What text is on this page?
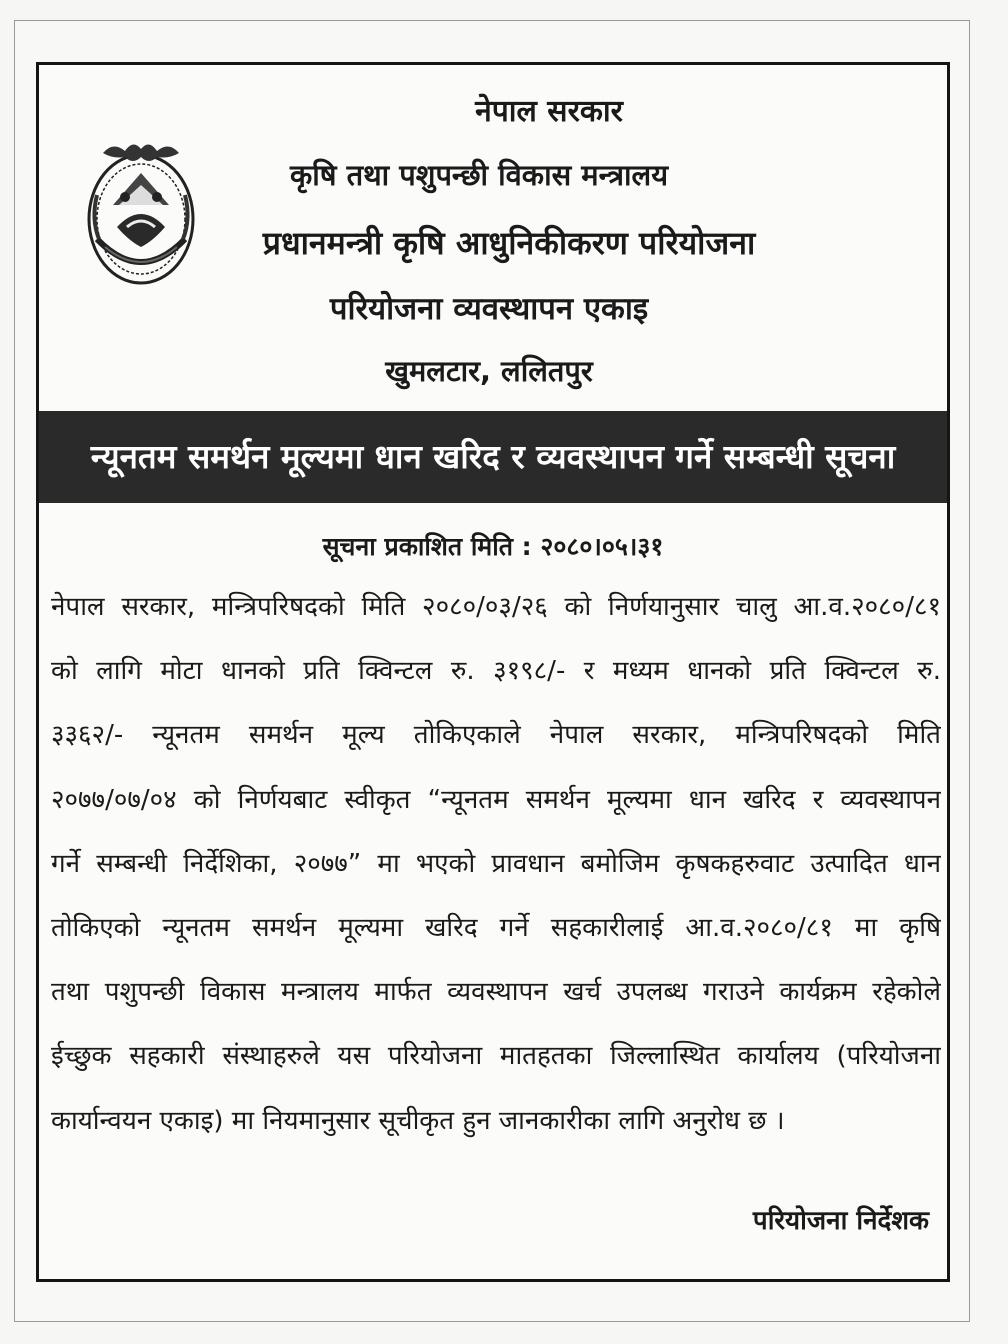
नेपाल सरकार
कृषि तथा पशुपन्छी विकास मन्त्रालय
प्रधानमन्त्री कृषि आधुनिकीकरण परियोजना
परियोजना व्यवस्थापन एकाइ
खुमलटार, ललितपुर
न्यूनतम समर्थन मूल्यमा धान खरिद र व्यवस्थापन गर्ने सम्बन्धी सूचना
सूचना प्रकाशित मिति : २०८०।०५।३१
नेपाल सरकार, मन्त्रिपरिषदको मिति २०८०/०३/२६ को निर्णयानुसार चालु आ.व.२०८०/८१
को लागि मोटा धानको प्रति क्विन्टल रु. ३१९८/- र मध्यम धानको प्रति क्विन्टल रु.
३३६२/- न्यूनतम समर्थन मूल्य तोकिएकाले नेपाल सरकार, मन्त्रिपरिषदको मिति
२०७७/०७/०४ को निर्णयबाट स्वीकृत “न्यूनतम समर्थन मूल्यमा धान खरिद र व्यवस्थापन
गर्ने सम्बन्धी निर्देशिका, २०७७” मा भएको प्रावधान बमोजिम कृषकहरुवाट उत्पादित धान
तोकिएको न्यूनतम समर्थन मूल्यमा खरिद गर्ने सहकारीलाई आ.व.२०८०/८१ मा कृषि
तथा पशुपन्छी विकास मन्त्रालय मार्फत व्यवस्थापन खर्च उपलब्ध गराउने कार्यक्रम रहेकोले
ईच्छुक सहकारी संस्थाहरुले यस परियोजना मातहतका जिल्लास्थित कार्यालय (परियोजना
कार्यान्वयन एकाइ) मा नियमानुसार सूचीकृत हुन जानकारीका लागि अनुरोध छ ।
परियोजना निर्देशक
